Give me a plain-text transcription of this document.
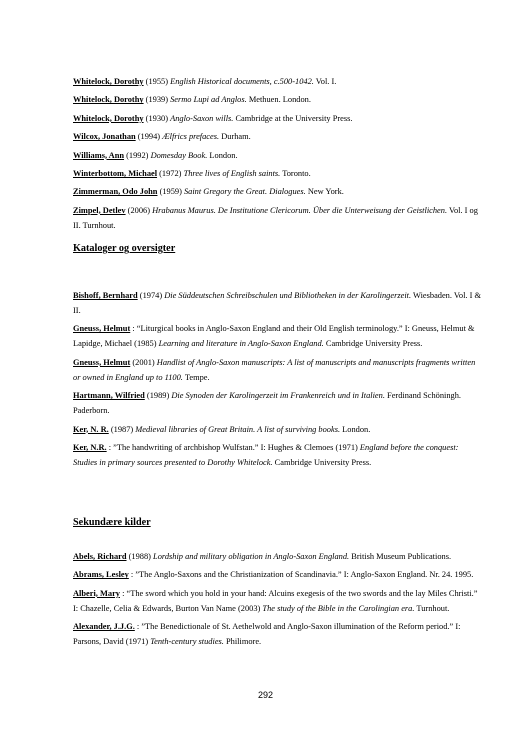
Whitelock, Dorothy (1955) English Historical documents, c.500-1042. Vol. I.

Whitelock, Dorothy (1939) Sermo Lupi ad Anglos. Methuen. London.

Whitelock, Dorothy (1930) Anglo-Saxon wills. Cambridge at the University Press.

Wilcox, Jonathan (1994) Ælfrics prefaces. Durham.

Williams, Ann (1992) Domesday Book. London.

Winterbottom, Michael (1972) Three lives of English saints. Toronto.

Zimmerman, Odo John (1959) Saint Gregory the Great. Dialogues. New York.

Zimpel, Detlev (2006) Hrabanus Maurus. De Institutione Clericorum. Über die Unterweisung der Geistlichen. Vol. I og II. Turnhout.

Kataloger og oversigter

Bishoff, Bernhard (1974) Die Süddeutschen Schreibschulen und Bibliotheken in der Karolingerzeit. Wiesbaden. Vol. I & II.

Gneuss, Helmut : “Liturgical books in Anglo-Saxon England and their Old English terminology.” I: Gneuss, Helmut & Lapidge, Michael (1985) Learning and literature in Anglo-Saxon England. Cambridge University Press.

Gneuss, Helmut (2001) Handlist of Anglo-Saxon manuscripts: A list of manuscripts and manuscripts fragments written or owned in England up to 1100. Tempe.

Hartmann, Wilfried (1989) Die Synoden der Karolingerzeit im Frankenreich und in Italien. Ferdinand Schöningh. Paderborn.

Ker, N. R. (1987) Medieval libraries of Great Britain. A list of surviving books. London.

Ker, N.R. : ”The handwriting of archbishop Wulfstan.” I: Hughes & Clemoes (1971) England before the conquest: Studies in primary sources presented to Dorothy Whitelock. Cambridge University Press.

Sekundære kilder

Abels, Richard (1988) Lordship and military obligation in Anglo-Saxon England. British Museum Publications.

Abrams, Lesley : ”The Anglo-Saxons and the Christianization of Scandinavia.” I: Anglo-Saxon England. Nr. 24. 1995.

Alberi, Mary : “The sword which you hold in your hand: Alcuins exegesis of the two swords and the lay Miles Christi.” I: Chazelle, Celia & Edwards, Burton Van Name (2003) The study of the Bible in the Carolingian era. Turnhout.

Alexander, J.J.G. : ”The Benedictionale of St. Aethelwold and Anglo-Saxon illumination of the Reform period.” I: Parsons, David (1971) Tenth-century studies. Philimore.

292
